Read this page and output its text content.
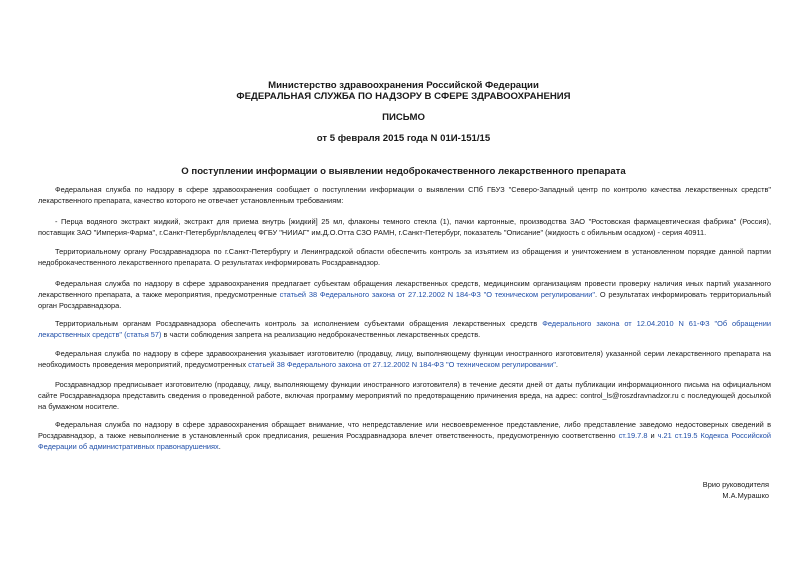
Министерство здравоохранения Российской Федерации
ФЕДЕРАЛЬНАЯ СЛУЖБА ПО НАДЗОРУ В СФЕРЕ ЗДРАВООХРАНЕНИЯ
ПИСЬМО
от 5 февраля 2015 года N 01И-151/15
О поступлении информации о выявлении недоброкачественного лекарственного препарата
Федеральная служба по надзору в сфере здравоохранения сообщает о поступлении информации о выявлении СПб ГБУЗ "Северо-Западный центр по контролю качества лекарственных средств" лекарственного препарата, качество которого не отвечает установленным требованиям:
- Перца водяного экстракт жидкий, экстракт для приема внутрь [жидкий] 25 мл, флаконы темного стекла (1), пачки картонные, производства ЗАО "Ростовская фармацевтическая фабрика" (Россия), поставщик ЗАО "Империя-Фарма", г.Санкт-Петербург/владелец ФГБУ "НИИАГ" им.Д.О.Отта СЗО РАМН, г.Санкт-Петербург, показатель "Описание" (жидкость с обильным осадком) - серия 40911.
Территориальному органу Росздравнадзора по г.Санкт-Петербургу и Ленинградской области обеспечить контроль за изъятием из обращения и уничтожением в установленном порядке данной партии недоброкачественного лекарственного препарата. О результатах информировать Росздравнадзор.
Федеральная служба по надзору в сфере здравоохранения предлагает субъектам обращения лекарственных средств, медицинским организациям провести проверку наличия иных партий указанного лекарственного препарата, а также мероприятия, предусмотренные статьей 38 Федерального закона от 27.12.2002 N 184-ФЗ "О техническом регулировании". О результатах информировать территориальный орган Росздравнадзора.
Территориальным органам Росздравнадзора обеспечить контроль за исполнением субъектами обращения лекарственных средств Федерального закона от 12.04.2010 N 61-ФЗ "Об обращении лекарственных средств" (статья 57) в части соблюдения запрета на реализацию недоброкачественных лекарственных средств.
Федеральная служба по надзору в сфере здравоохранения указывает изготовителю (продавцу, лицу, выполняющему функции иностранного изготовителя) указанной серии лекарственного препарата на необходимость проведения мероприятий, предусмотренных статьей 38 Федерального закона от 27.12.2002 N 184-ФЗ "О техническом регулировании".
Росздравнадзор предписывает изготовителю (продавцу, лицу, выполняющему функции иностранного изготовителя) в течение десяти дней от даты публикации информационного письма на официальном сайте Росздравнадзора представить сведения о проведенной работе, включая программу мероприятий по предотвращению причинения вреда, на адрес: control_ls@roszdravnadzor.ru с последующей досылкой на бумажном носителе.
Федеральная служба по надзору в сфере здравоохранения обращает внимание, что непредставление или несвоевременное представление, либо представление заведомо недостоверных сведений в Росздравнадзор, а также невыполнение в установленный срок предписания, решения Росздравнадзора влечет ответственность, предусмотренную соответственно ст.19.7.8 и ч.21 ст.19.5 Кодекса Российской Федерации об административных правонарушениях.
Врио руководителя
М.А.Мурашко
